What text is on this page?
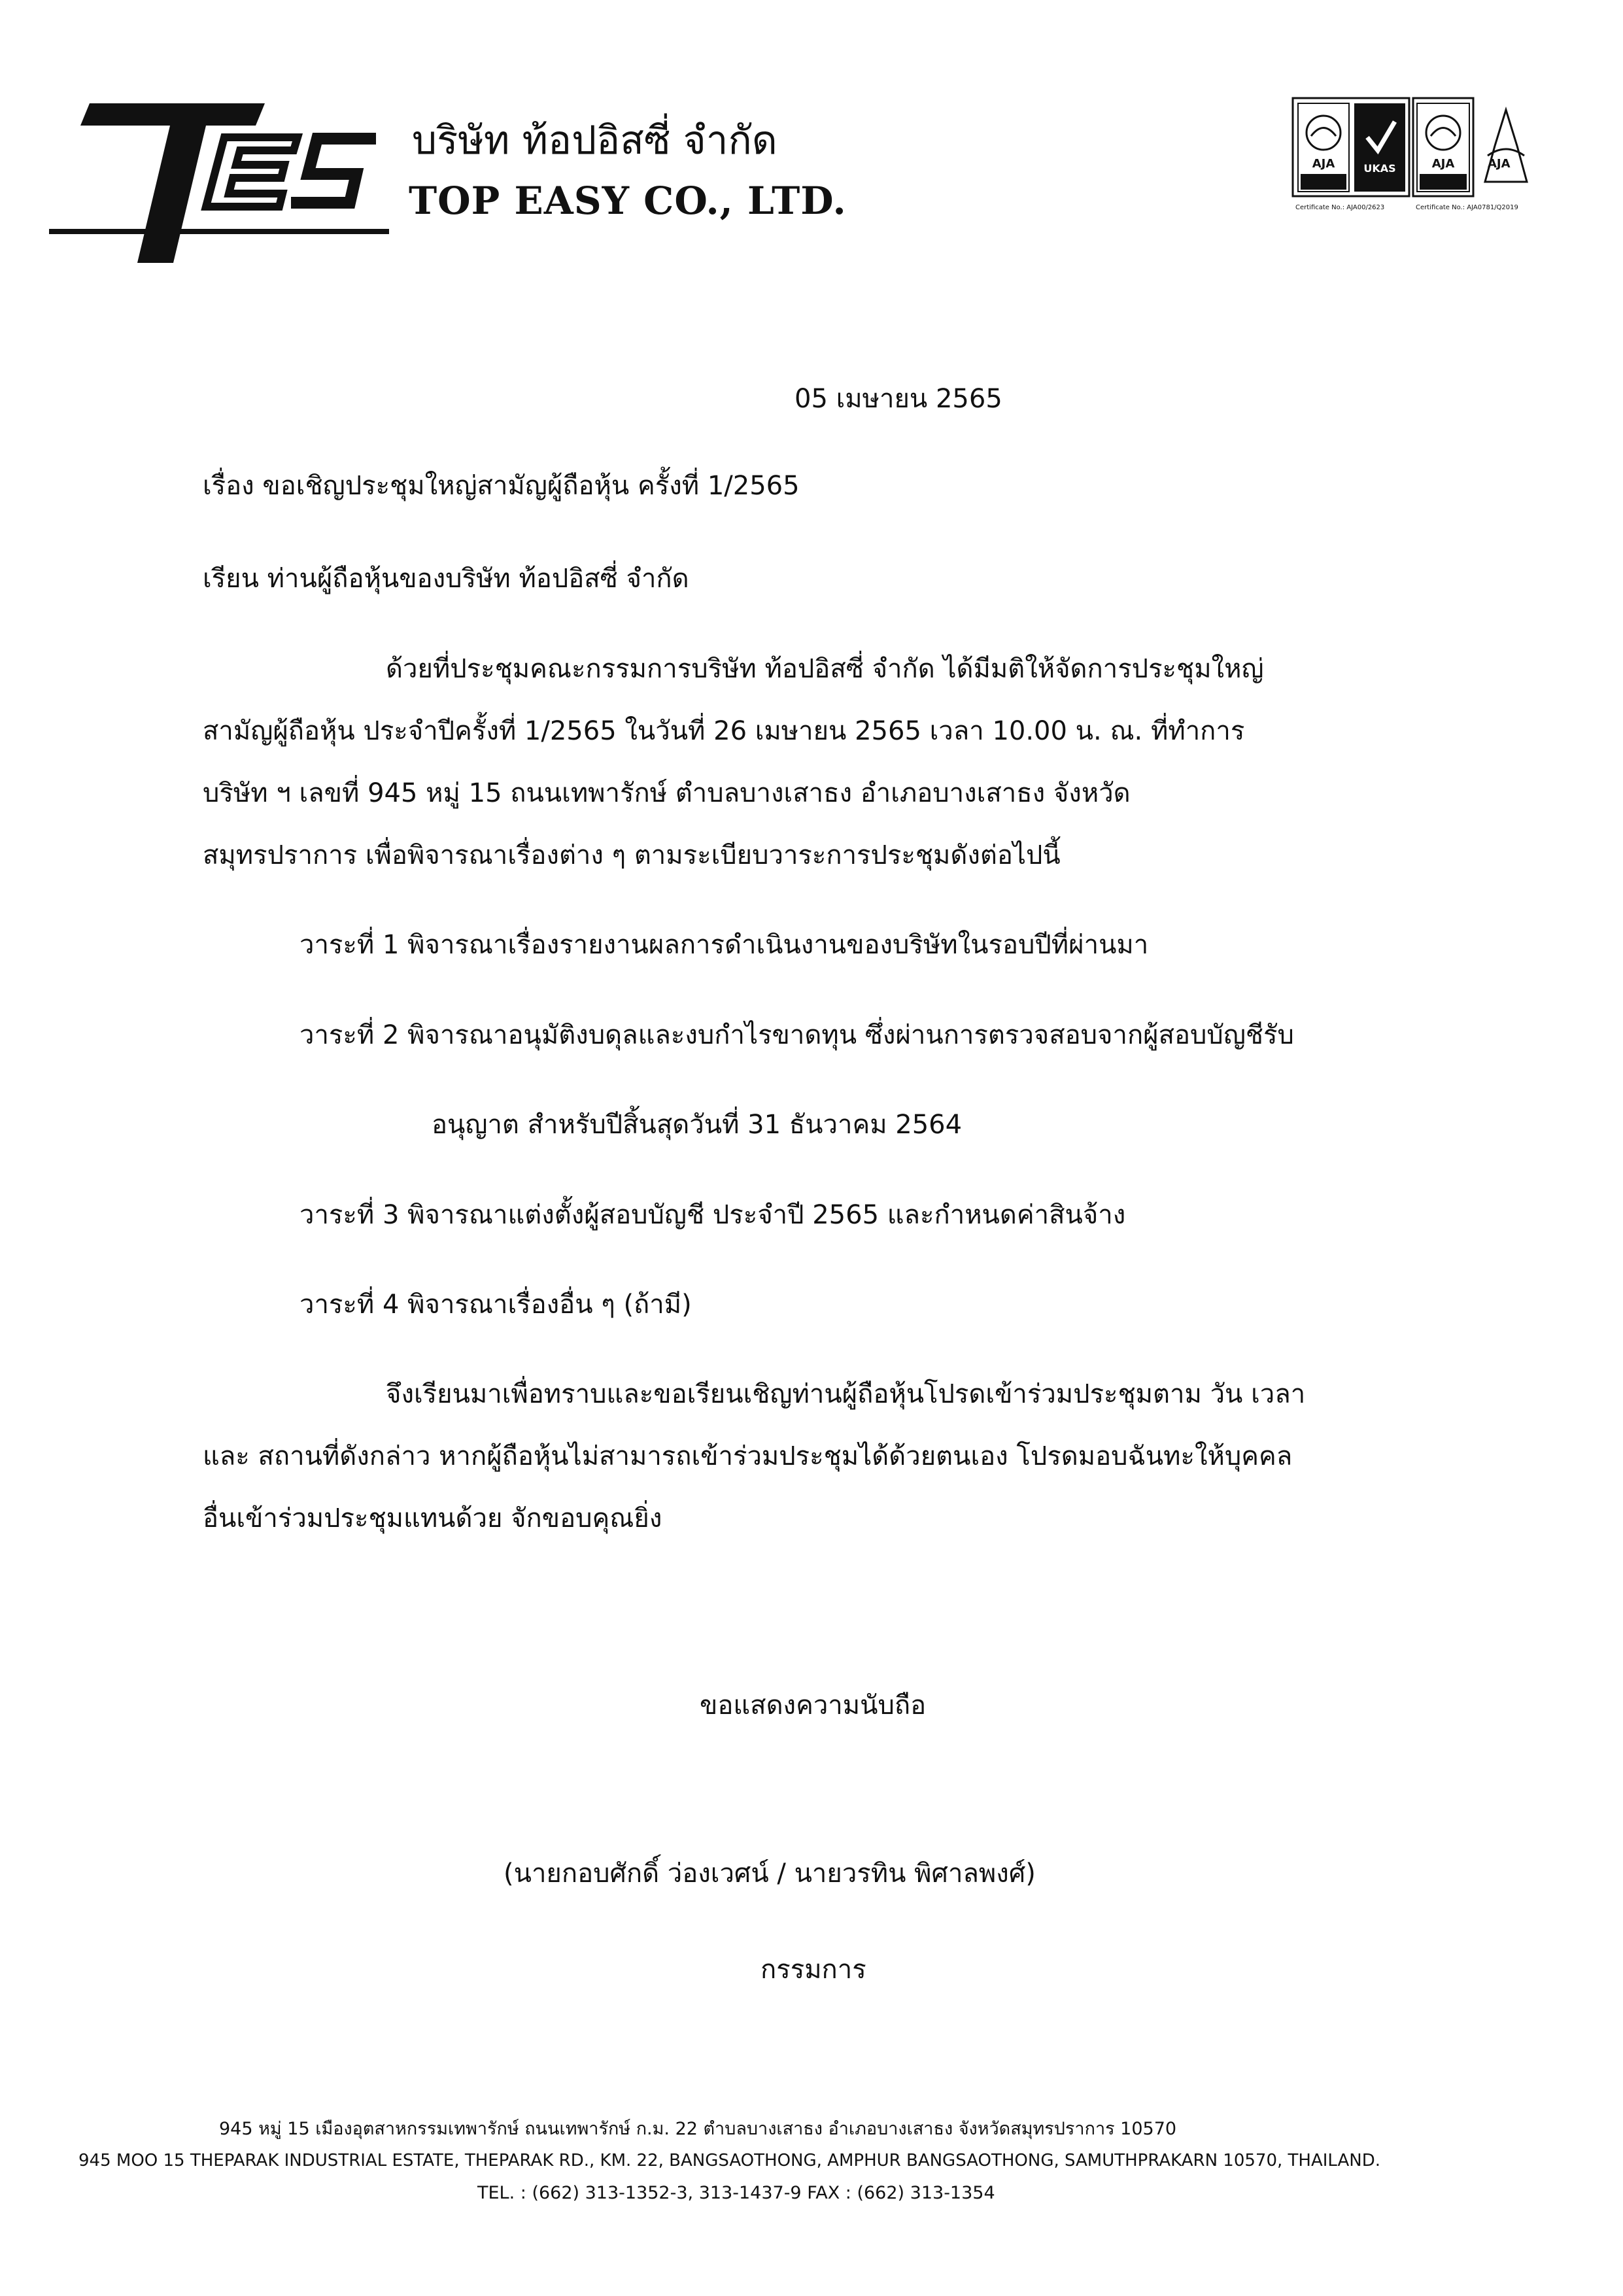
บริษัท ท้อปอิสซี่ จำกัด
TOP EASY CO., LTD.
AJA	UKAS	AJA	AJA
Certificate No.: AJA00/2623	Certificate No.: AJA0781/Q2019
05 เมษายน 2565
เรื่อง ขอเชิญประชุมใหญ่สามัญผู้ถือหุ้น ครั้งที่ 1/2565
เรียน ท่านผู้ถือหุ้นของบริษัท ท้อปอิสซี่ จำกัด
ด้วยที่ประชุมคณะกรรมการบริษัท ท้อปอิสซี่ จำกัด ได้มีมติให้จัดการประชุมใหญ่
สามัญผู้ถือหุ้น ประจำปีครั้งที่ 1/2565 ในวันที่ 26 เมษายน 2565 เวลา 10.00 น. ณ. ที่ทำการ
บริษัท ฯ เลขที่ 945 หมู่ 15 ถนนเทพารักษ์ ตำบลบางเสาธง อำเภอบางเสาธง จังหวัด
สมุทรปราการ เพื่อพิจารณาเรื่องต่าง ๆ ตามระเบียบวาระการประชุมดังต่อไปนี้
วาระที่ 1 พิจารณาเรื่องรายงานผลการดำเนินงานของบริษัทในรอบปีที่ผ่านมา
วาระที่ 2 พิจารณาอนุมัติงบดุลและงบกำไรขาดทุน ซึ่งผ่านการตรวจสอบจากผู้สอบบัญชีรับ
อนุญาต สำหรับปีสิ้นสุดวันที่ 31 ธันวาคม 2564
วาระที่ 3 พิจารณาแต่งตั้งผู้สอบบัญชี ประจำปี 2565 และกำหนดค่าสินจ้าง
วาระที่ 4 พิจารณาเรื่องอื่น ๆ (ถ้ามี)
จึงเรียนมาเพื่อทราบและขอเรียนเชิญท่านผู้ถือหุ้นโปรดเข้าร่วมประชุมตาม วัน เวลา
และ สถานที่ดังกล่าว หากผู้ถือหุ้นไม่สามารถเข้าร่วมประชุมได้ด้วยตนเอง โปรดมอบฉันทะให้บุคคล
อื่นเข้าร่วมประชุมแทนด้วย จักขอบคุณยิ่ง
ขอแสดงความนับถือ
(นายกอบศักดิ์ ว่องเวศน์ / นายวรทิน พิศาลพงศ์)
กรรมการ
945 หมู่ 15 เมืองอุตสาหกรรมเทพารักษ์ ถนนเทพารักษ์ ก.ม. 22 ตำบลบางเสาธง อำเภอบางเสาธง จังหวัดสมุทรปราการ 10570
945 MOO 15 THEPARAK INDUSTRIAL ESTATE, THEPARAK RD., KM. 22, BANGSAOTHONG, AMPHUR BANGSAOTHONG, SAMUTHPRAKARN 10570, THAILAND.
TEL. : (662) 313-1352-3, 313-1437-9 FAX : (662) 313-1354
